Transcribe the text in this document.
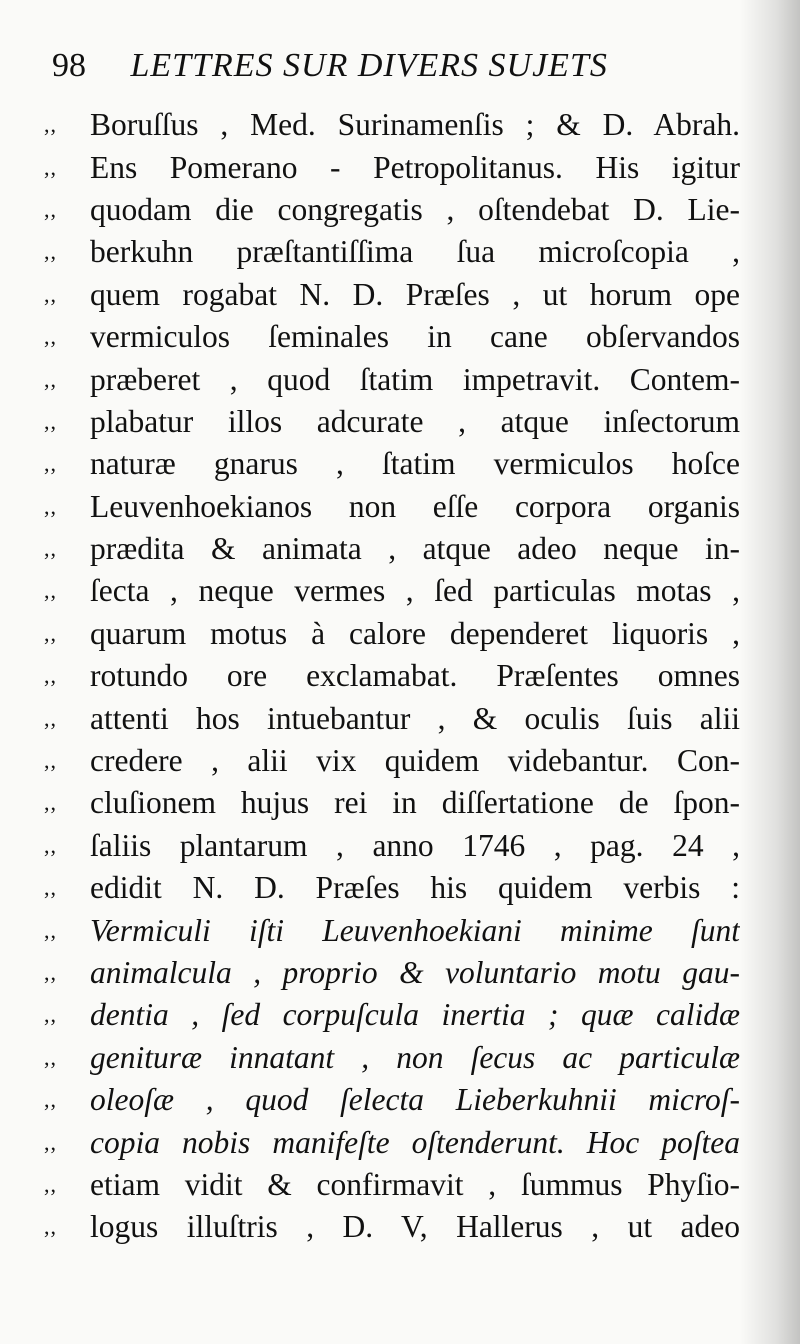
98 LETTRES SUR DIVERS SUJETS
,,	Boruſſus , Med. Surinamenſis ; & D. Abrah.
,,	Ens Pomerano - Petropolitanus. His igitur
,,	quodam die congregatis , oſtendebat D. Lie-
,,	berkuhn præſtantiſſima ſua microſcopia ,
,,	quem rogabat N. D. Præſes , ut horum ope
,,	vermiculos ſeminales in cane obſervandos
,,	præberet , quod ſtatim impetravit. Contem-
,,	plabatur illos adcurate , atque inſectorum
,,	naturæ gnarus , ſtatim vermiculos hoſce
,,	Leuvenhoekianos non eſſe corpora organis
,,	prædita & animata , atque adeo neque in-
,,	ſecta , neque vermes , ſed particulas motas ,
,,	quarum motus à calore dependeret liquoris ,
,,	rotundo ore exclamabat. Præſentes omnes
,,	attenti hos intuebantur , & oculis ſuis alii
,,	credere , alii vix quidem videbantur. Con-
,,	cluſionem hujus rei in diſſertatione de ſpon-
,,	ſaliis plantarum , anno 1746 , pag. 24 ,
,,	edidit N. D. Præſes his quidem verbis :
,,	Vermiculi iſti Leuvenhoekiani minime ſunt
,,	animalcula , proprio & voluntario motu gau-
,,	dentia , ſed corpuſcula inertia ; quæ calidæ
,,	genituræ innatant , non ſecus ac particulæ
,,	oleoſæ , quod ſelecta Lieberkuhnii microſ-
,,	copia nobis manifeſte oſtenderunt. Hoc poſtea
,,	etiam vidit & confirmavit , ſummus Phyſio-
,,	logus illuſtris , D. V, Hallerus , ut adeo
